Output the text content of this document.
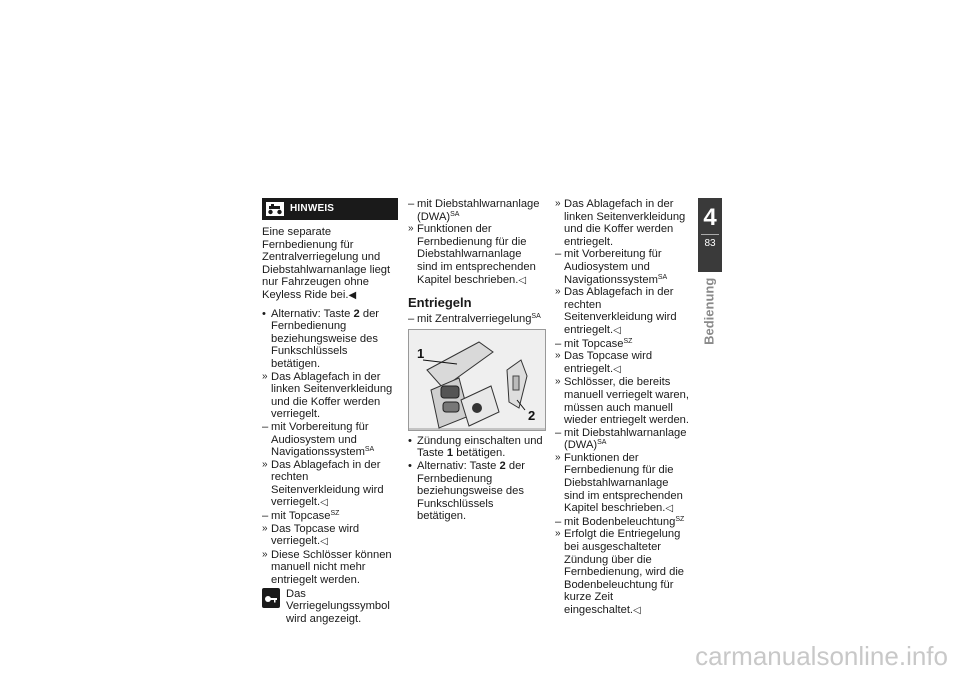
HINWEIS
Eine separate Fernbedienung für Zentralverriegelung und Diebstahlwarnanlage liegt nur Fahrzeugen ohne Keyless Ride bei.◀
• Alternativ: Taste 2 der Fernbedienung beziehungsweise des Funkschlüssels betätigen.
» Das Ablagefach in der linken Seitenverkleidung und die Koffer werden verriegelt.
– mit Vorbereitung für Audiosystem und Navigationssystem$^{SA}$
» Das Ablagefach in der rechten Seitenverkleidung wird verriegelt.◁
– mit Topcase$^{SZ}$
» Das Topcase wird verriegelt.◁
» Diese Schlösser können manuell nicht mehr entriegelt werden.
Das Verriegelungssymbol wird angezeigt.
– mit Diebstahlwarnanlage (DWA)$^{SA}$
» Funktionen der Fernbedienung für die Diebstahlwarnanlage sind im entsprechenden Kapitel beschrieben.◁
Entriegeln
– mit Zentralverriegelung$^{SA}$
1
2
• Zündung einschalten und Taste 1 betätigen.
• Alternativ: Taste 2 der Fernbedienung beziehungsweise des Funkschlüssels betätigen.
» Das Ablagefach in der linken Seitenverkleidung und die Koffer werden entriegelt.
– mit Vorbereitung für Audiosystem und Navigationssystem$^{SA}$
» Das Ablagefach in der rechten Seitenverkleidung wird entriegelt.◁
– mit Topcase$^{SZ}$
» Das Topcase wird entriegelt.◁
» Schlösser, die bereits manuell verriegelt waren, müssen auch manuell wieder entriegelt werden.
– mit Diebstahlwarnanlage (DWA)$^{SA}$
» Funktionen der Fernbedienung für die Diebstahlwarnanlage sind im entsprechenden Kapitel beschrieben.◁
– mit Bodenbeleuchtung$^{SZ}$
» Erfolgt die Entriegelung bei ausgeschalteter Zündung über die Fernbedienung, wird die Bodenbeleuchtung für kurze Zeit eingeschaltet.◁
4
83
Bedienung
carmanualsonline.info
